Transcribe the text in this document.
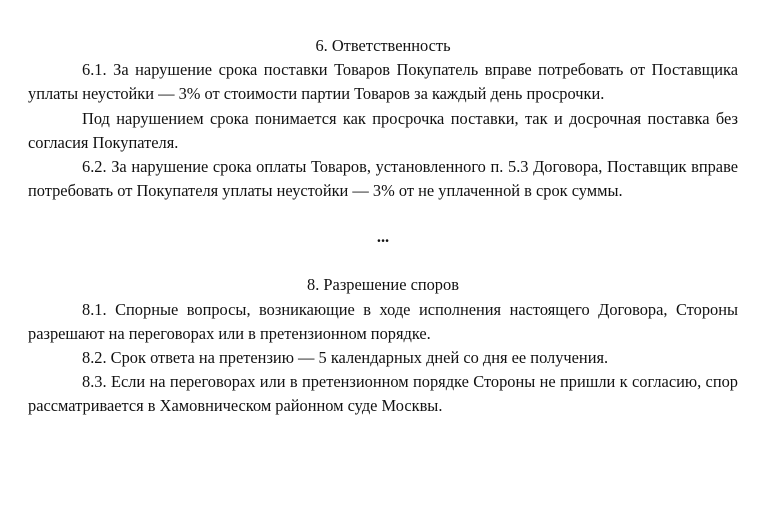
6. Ответственность

6.1. За нарушение срока поставки Товаров Покупатель вправе потребовать от Поставщика уплаты неустойки — 3% от стоимости партии Товаров за каждый день просрочки.

Под нарушением срока понимается как просрочка поставки, так и досрочная поставка без согласия Покупателя.

6.2. За нарушение срока оплаты Товаров, установленного п. 5.3 Договора, Поставщик вправе потребовать от Покупателя уплаты неустойки — 3% от не уплаченной в срок суммы.

...

8. Разрешение споров

8.1. Спорные вопросы, возникающие в ходе исполнения настоящего Договора, Стороны разрешают на переговорах или в претензионном порядке.

8.2. Срок ответа на претензию — 5 календарных дней со дня ее получения.

8.3. Если на переговорах или в претензионном порядке Стороны не пришли к согласию, спор рассматривается в Хамовническом районном суде Москвы.
